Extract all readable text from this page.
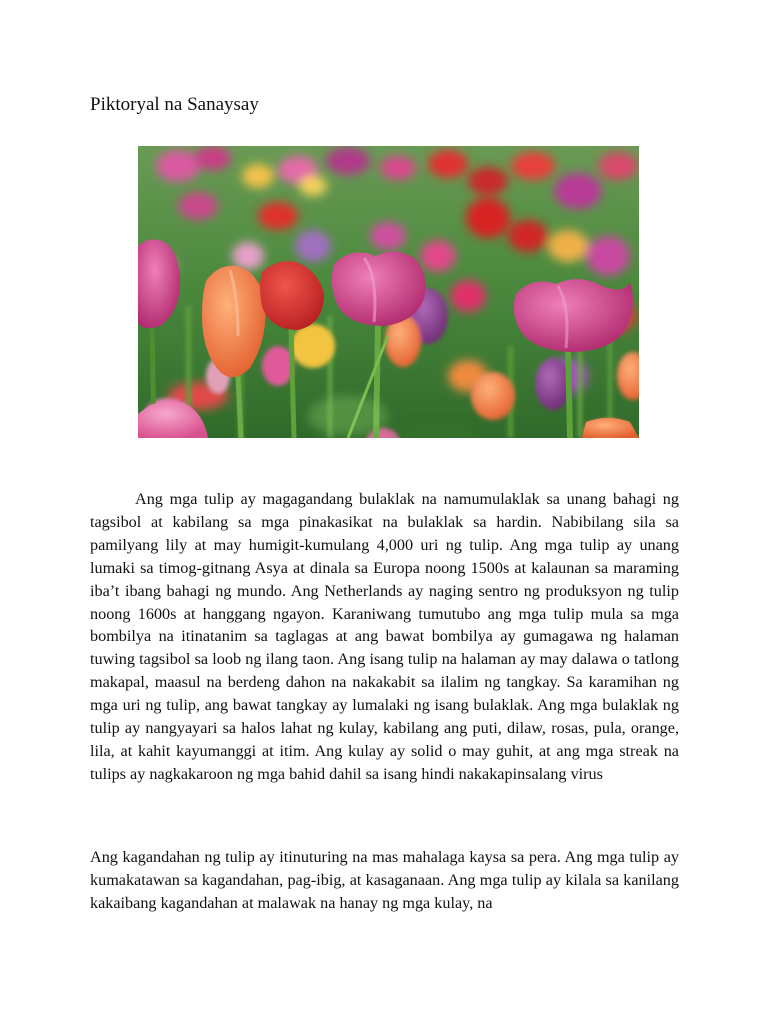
Piktoryal na Sanaysay

Ang mga tulip ay magagandang bulaklak na namumulaklak sa unang bahagi ng tagsibol at kabilang sa mga pinakasikat na bulaklak sa hardin. Nabibilang sila sa pamilyang lily at may humigit-kumulang 4,000 uri ng tulip. Ang mga tulip ay unang lumaki sa timog-gitnang Asya at dinala sa Europa noong 1500s at kalaunan sa maraming iba’t ibang bahagi ng mundo. Ang Netherlands ay naging sentro ng produksyon ng tulip noong 1600s at hanggang ngayon. Karaniwang tumutubo ang mga tulip mula sa mga bombilya na itinatanim sa taglagas at ang bawat bombilya ay gumagawa ng halaman tuwing tagsibol sa loob ng ilang taon. Ang isang tulip na halaman ay may dalawa o tatlong makapal, maasul na berdeng dahon na nakakabit sa ilalim ng tangkay. Sa karamihan ng mga uri ng tulip, ang bawat tangkay ay lumalaki ng isang bulaklak. Ang mga bulaklak ng tulip ay nangyayari sa halos lahat ng kulay, kabilang ang puti, dilaw, rosas, pula, orange, lila, at kahit kayumanggi at itim. Ang kulay ay solid o may guhit, at ang mga streak na tulips ay nagkakaroon ng mga bahid dahil sa isang hindi nakakapinsalang virus

Ang kagandahan ng tulip ay itinuturing na mas mahalaga kaysa sa pera. Ang mga tulip ay kumakatawan sa kagandahan, pag-ibig, at kasaganaan. Ang mga tulip ay kilala sa kanilang kakaibang kagandahan at malawak na hanay ng mga kulay, na
